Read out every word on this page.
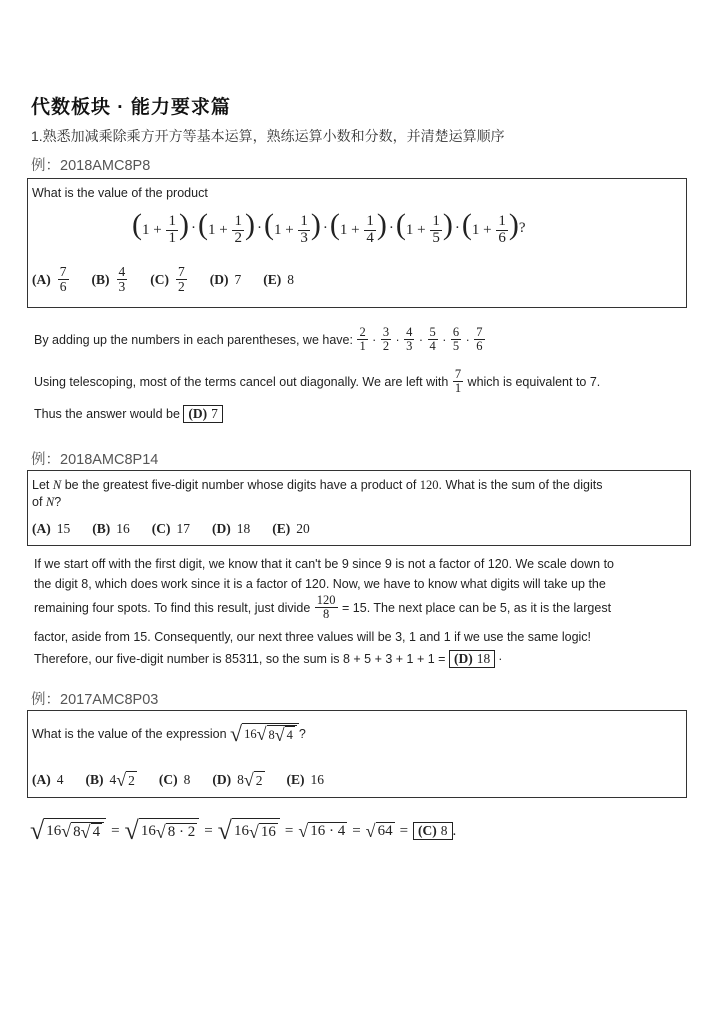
代数板块 · 能力要求篇
1.熟悉加减乘除乘方开方等基本运算，熟练运算小数和分数，并清楚运算顺序
例：2018AMC8P8
What is the value of the product
$(A) \frac{7}{6} (B) \frac{4}{3} (C) \frac{7}{2} (D)$ 7 (E) 8
($1 + \frac{1}{1}$ ) · ($1 + \frac{1}{2}$ ) · ($1 + \frac{1}{3}$ ) · ($1 + \frac{1}{4}$ ) · ($1 + \frac{1}{5}$ ) · ($1 + \frac{1}{6}$ ) ?
By adding up the numbers in each parentheses, we have:
$\frac{2}{1} \cdot \frac{3}{2} \cdot \frac{4}{3} \cdot \frac{5}{4} \cdot \frac{6}{5} \cdot \frac{7}{6}$
Using telescoping, most of the terms cancel out diagonally. We are left with
$\frac{7}{1}$
which is equivalent to 7.
Thus the answer would be
(D) 7
例：2018AMC8P14
Let N be the greatest five-digit number whose digits have a product of 120. What is the sum of the digits
of N?
(A) 15 (B) 16 (C) 17 (D) 18 (E) 20
If we start off with the first digit, we know that it can't be 9 since 9 is not a factor of 120. We scale down to
the digit 8, which does work since it is a factor of 120. Now, we have to know what digits will take up the
remaining four spots. To find this result, just divide
$\frac{120}{8}$
= 15. The next place can be 5, as it is the largest
factor, aside from 15. Consequently, our next three values will be 3, 1 and 1 if we use the same logic!
Therefore, our five-digit number is 85311, so the sum is 8 + 5 + 3 + 1 + 1 =
(D) 18 ·
例：2017AMC8P03
What is the value of the expression
√ 16 √ 8 √ 4 ?
(A) 4 (B) 4 √ 2 (C) 8 (D) 8 √ 2 (E) 16
√ 16 √ 8 √ 4 = √ 16 √ 8 · 2 = √ 16 √ 16 = √ 16 · 4 = √ 64 = (C) 8 .
